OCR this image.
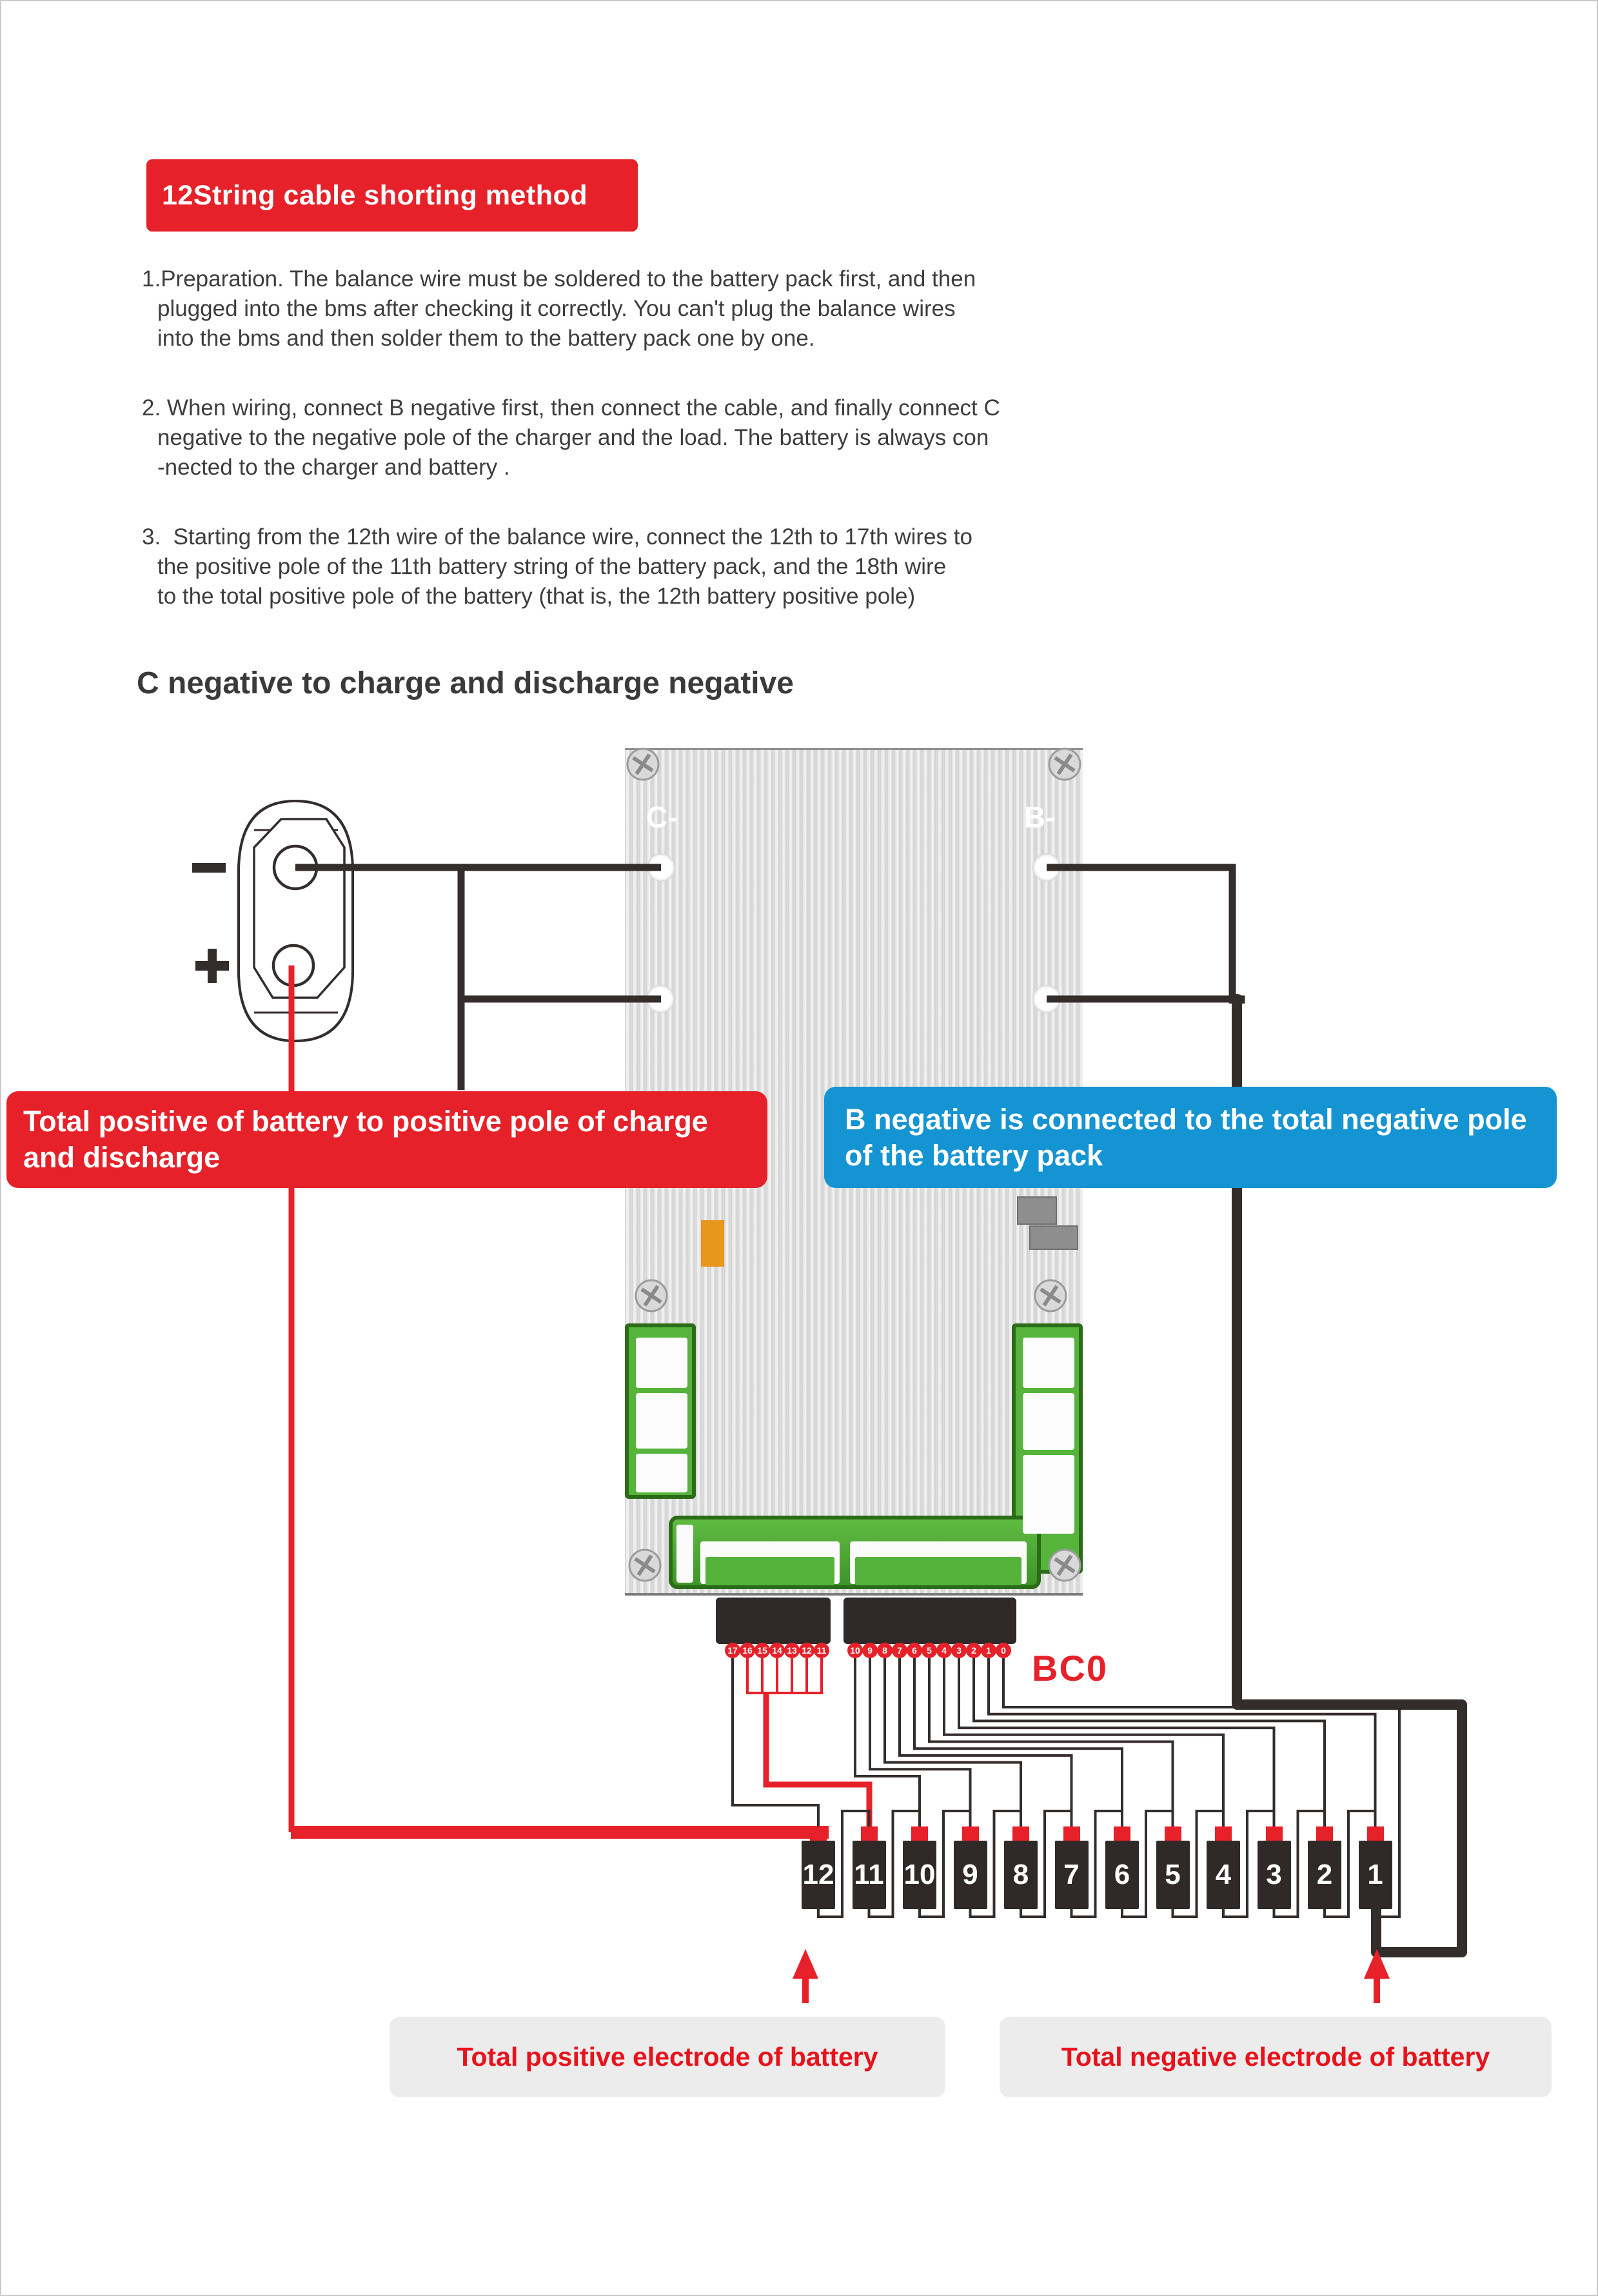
12String cable shorting method
1.Preparation. The balance wire must be soldered to the battery pack first, and then
plugged into the bms after checking it correctly. You can't plug the balance wires
into the bms and then solder them to the battery pack one by one.
2. When wiring, connect B negative first, then connect the cable, and finally connect C
negative to the negative pole of the charger and the load. The battery is always con
-nected to the charger and battery .
3.  Starting from the 12th wire of the balance wire, connect the 12th to 17th wires to
the positive pole of the 11th battery string of the battery pack, and the 18th wire
to the total positive pole of the battery (that is, the 12th battery positive pole)
C negative to charge and discharge negative
C-	B-
BC0
17 16 15 14 13 12 11	10 9	8	7	6	5	4	3	2	1	0
12 11 10 9	8	7	6	5	4	3	2	1

Total positive of battery to positive pole of charge and discharge

B negative is connected to the total negative pole of the battery pack

Total positive electrode of battery	Total negative electrode of battery
